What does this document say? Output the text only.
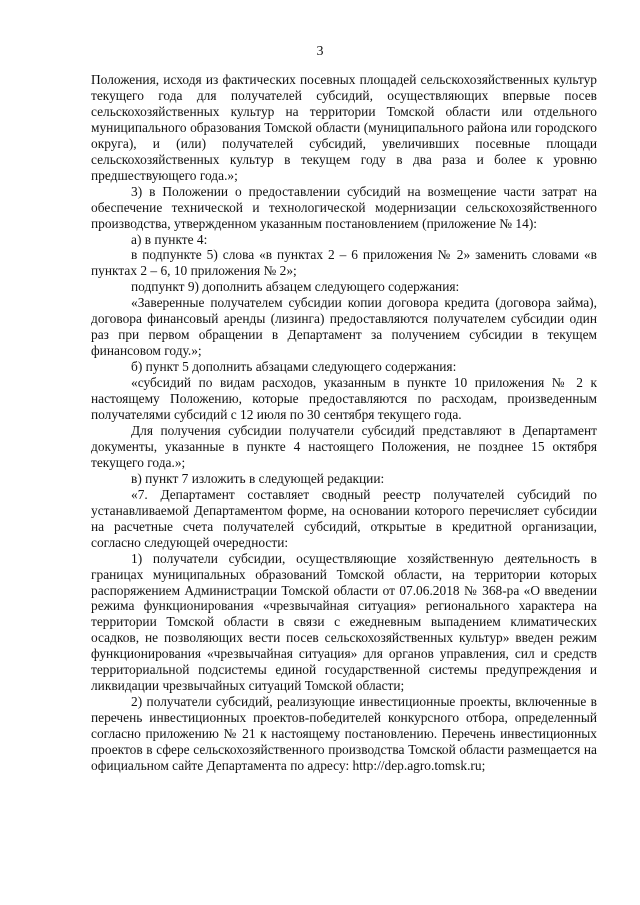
3

Положения, исходя из фактических посевных площадей сельскохозяйственных культур текущего года для получателей субсидий, осуществляющих впервые посев сельскохозяйственных культур на территории Томской области или отдельного муниципального образования Томской области (муниципального района или городского округа), и (или) получателей субсидий, увеличивших посевные площади сельскохозяйственных культур в текущем году в два раза и более к уровню предшествующего года.»;

3) в Положении о предоставлении субсидий на возмещение части затрат на обеспечение технической и технологической модернизации сельскохозяйственного производства, утвержденном указанным постановлением (приложение № 14):

а) в пункте 4:

в подпункте 5) слова «в пунктах 2 – 6 приложения № 2» заменить словами «в пунктах 2 – 6, 10 приложения № 2»;

подпункт 9) дополнить абзацем следующего содержания:

«Заверенные получателем субсидии копии договора кредита (договора займа), договора финансовый аренды (лизинга) предоставляются получателем субсидии один раз при первом обращении в Департамент за получением субсидии в текущем финансовом году.»;

б) пункт 5 дополнить абзацами следующего содержания:

«субсидий по видам расходов, указанным в пункте 10 приложения № 2 к настоящему Положению, которые предоставляются по расходам, произведенным получателями субсидий с 12 июля по 30 сентября текущего года.

Для получения субсидии получатели субсидий представляют в Департамент документы, указанные в пункте 4 настоящего Положения, не позднее 15 октября текущего года.»;

в) пункт 7 изложить в следующей редакции:

«7. Департамент составляет сводный реестр получателей субсидий по устанавливаемой Департаментом форме, на основании которого перечисляет субсидии на расчетные счета получателей субсидий, открытые в кредитной организации, согласно следующей очередности:

1) получатели субсидии, осуществляющие хозяйственную деятельность в границах муниципальных образований Томской области, на территории которых распоряжением Администрации Томской области от 07.06.2018 № 368-ра «О введении режима функционирования «чрезвычайная ситуация» регионального характера на территории Томской области в связи с ежедневным выпадением климатических осадков, не позволяющих вести посев сельскохозяйственных культур» введен режим функционирования «чрезвычайная ситуация» для органов управления, сил и средств территориальной подсистемы единой государственной системы предупреждения и ликвидации чрезвычайных ситуаций Томской области;

2) получатели субсидий, реализующие инвестиционные проекты, включенные в перечень инвестиционных проектов-победителей конкурсного отбора, определенный согласно приложению № 21 к настоящему постановлению. Перечень инвестиционных проектов в сфере сельскохозяйственного производства Томской области размещается на официальном сайте Департамента по адресу: http://dep.agro.tomsk.ru;
